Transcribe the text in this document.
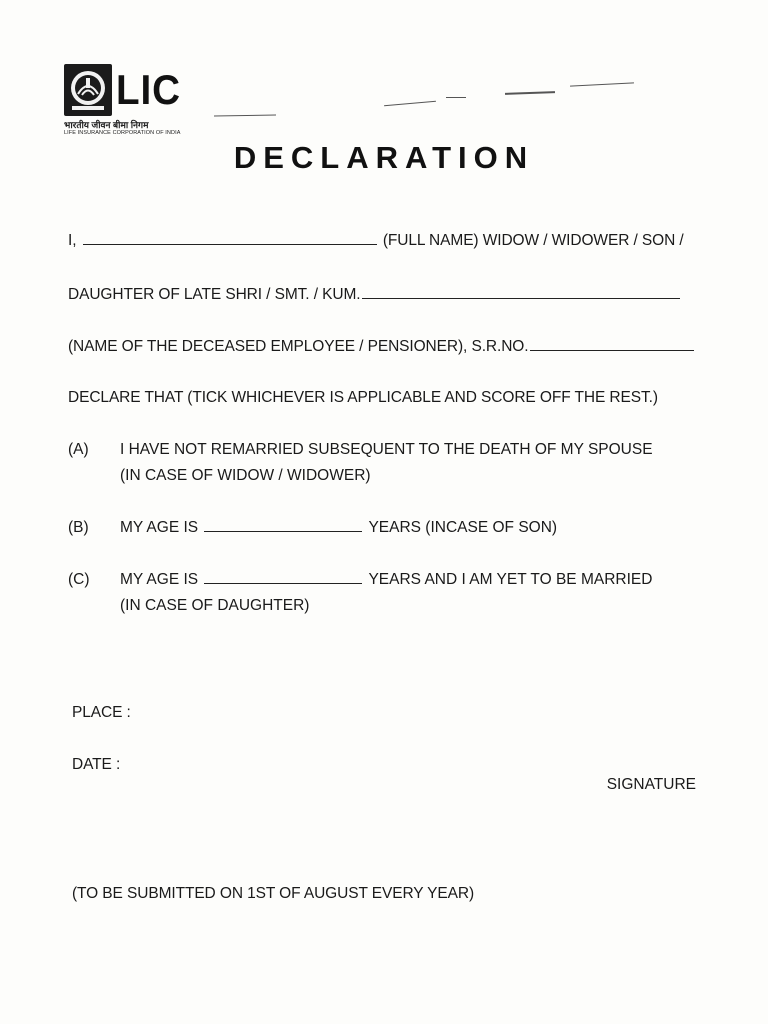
LIC
भारतीय जीवन बीमा निगम
LIFE INSURANCE CORPORATION OF INDIA
DECLARATION
I,	(FULL NAME) WIDOW / WIDOWER / SON /
DAUGHTER OF LATE SHRI / SMT. / KUM.
(NAME OF THE DECEASED EMPLOYEE / PENSIONER), S.R.NO.
DECLARE THAT (TICK WHICHEVER IS APPLICABLE AND SCORE OFF THE REST.)
(A) I HAVE NOT REMARRIED SUBSEQUENT TO THE DEATH OF MY SPOUSE
(IN CASE OF WIDOW / WIDOWER)
(B) MY AGE IS	YEARS (INCASE OF SON)
(C) MY AGE IS	YEARS AND I AM YET TO BE MARRIED
(IN CASE OF DAUGHTER)
PLACE :
DATE :
SIGNATURE
(TO BE SUBMITTED ON 1ST OF AUGUST EVERY YEAR)
